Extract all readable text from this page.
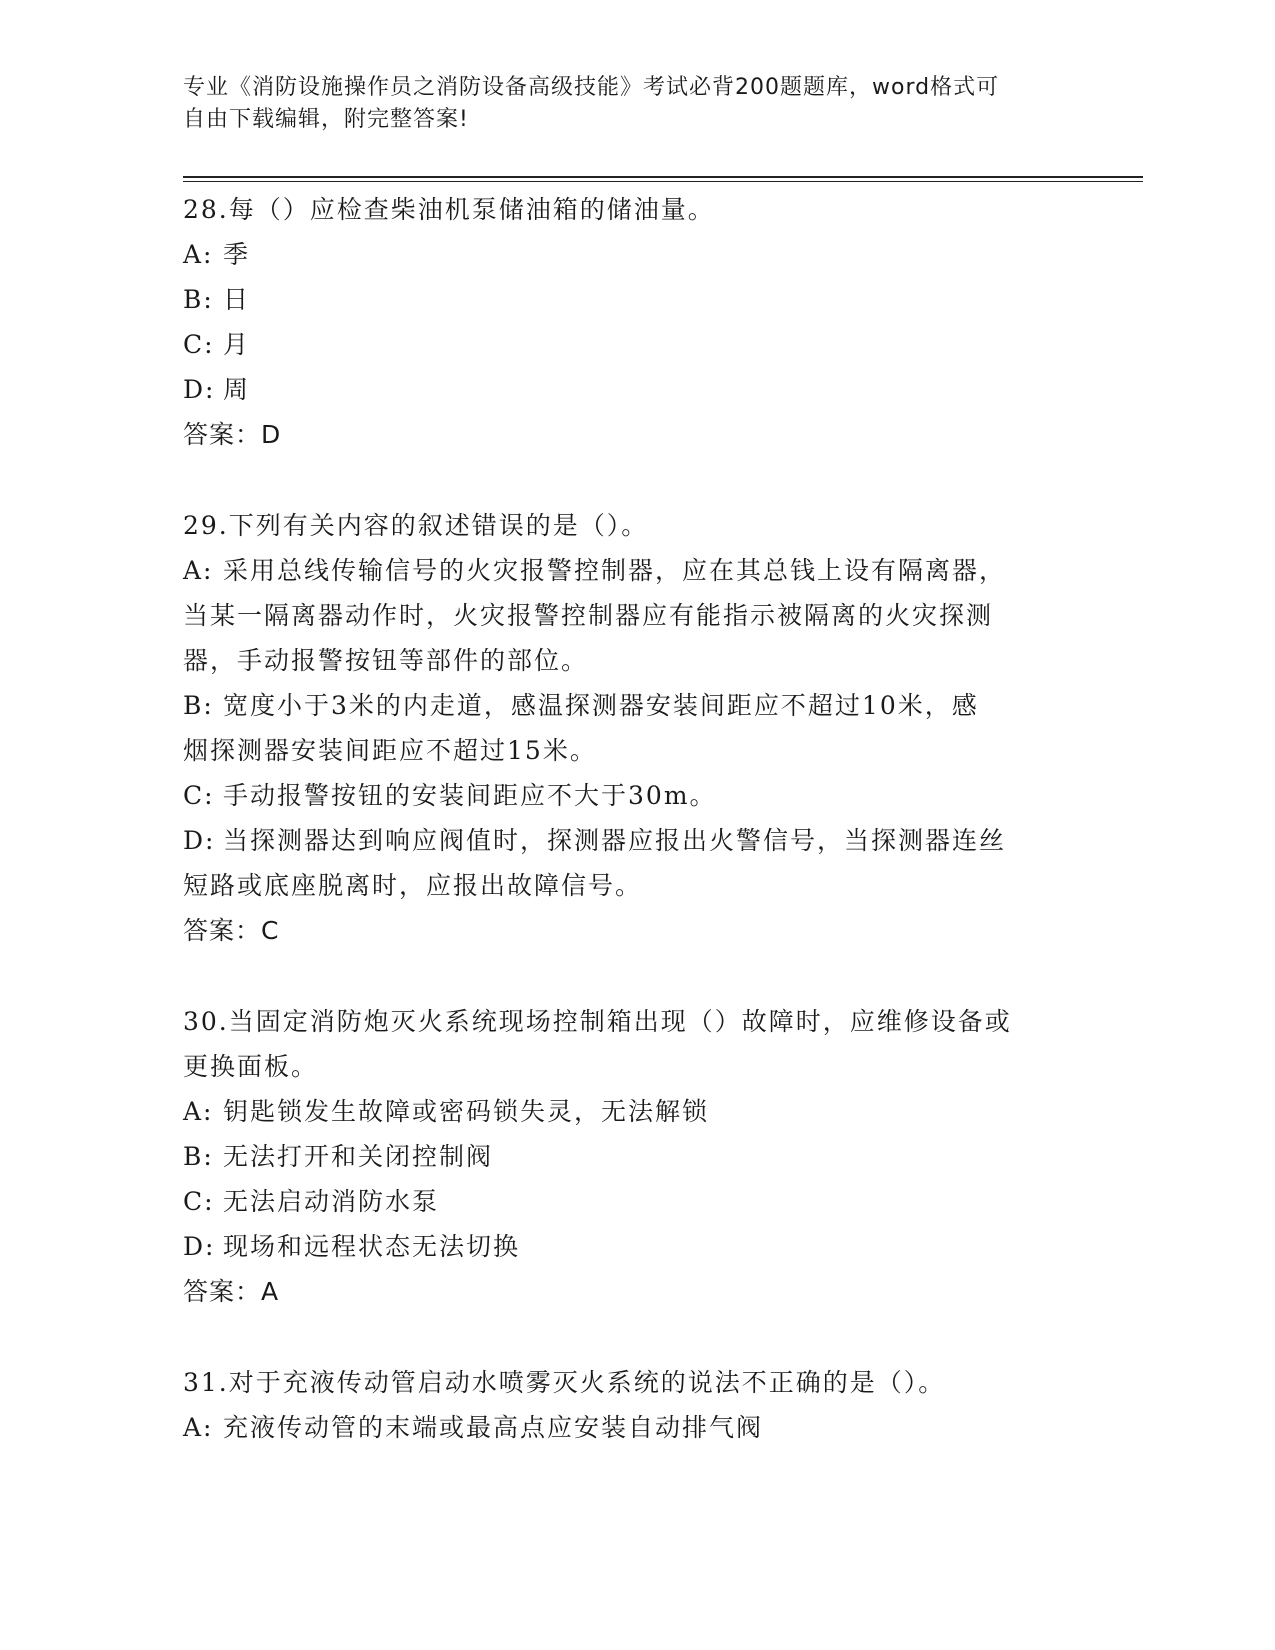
专业《消防设施操作员之消防设备高级技能》考试必背200题题库，word格式可
自由下载编辑，附完整答案!
28.每（）应检查柴油机泵储油箱的储油量。
A: 季
B: 日
C: 月
D: 周
答案：D
29.下列有关内容的叙述错误的是（）。
A: 采用总线传输信号的火灾报警控制器，应在其总钱上设有隔离器，
当某一隔离器动作时，火灾报警控制器应有能指示被隔离的火灾探测
器，手动报警按钮等部件的部位。
B: 宽度小于3米的内走道，感温探测器安装间距应不超过10米，感
烟探测器安装间距应不超过15米。
C: 手动报警按钮的安装间距应不大于30m。
D: 当探测器达到响应阀值时，探测器应报出火警信号，当探测器连丝
短路或底座脱离时，应报出故障信号。
答案：C
30.当固定消防炮灭火系统现场控制箱出现（）故障时，应维修设备或
更换面板。
A: 钥匙锁发生故障或密码锁失灵，无法解锁
B: 无法打开和关闭控制阀
C: 无法启动消防水泵
D: 现场和远程状态无法切换
答案：A
31.对于充液传动管启动水喷雾灭火系统的说法不正确的是（）。
A: 充液传动管的末端或最高点应安装自动排气阀
